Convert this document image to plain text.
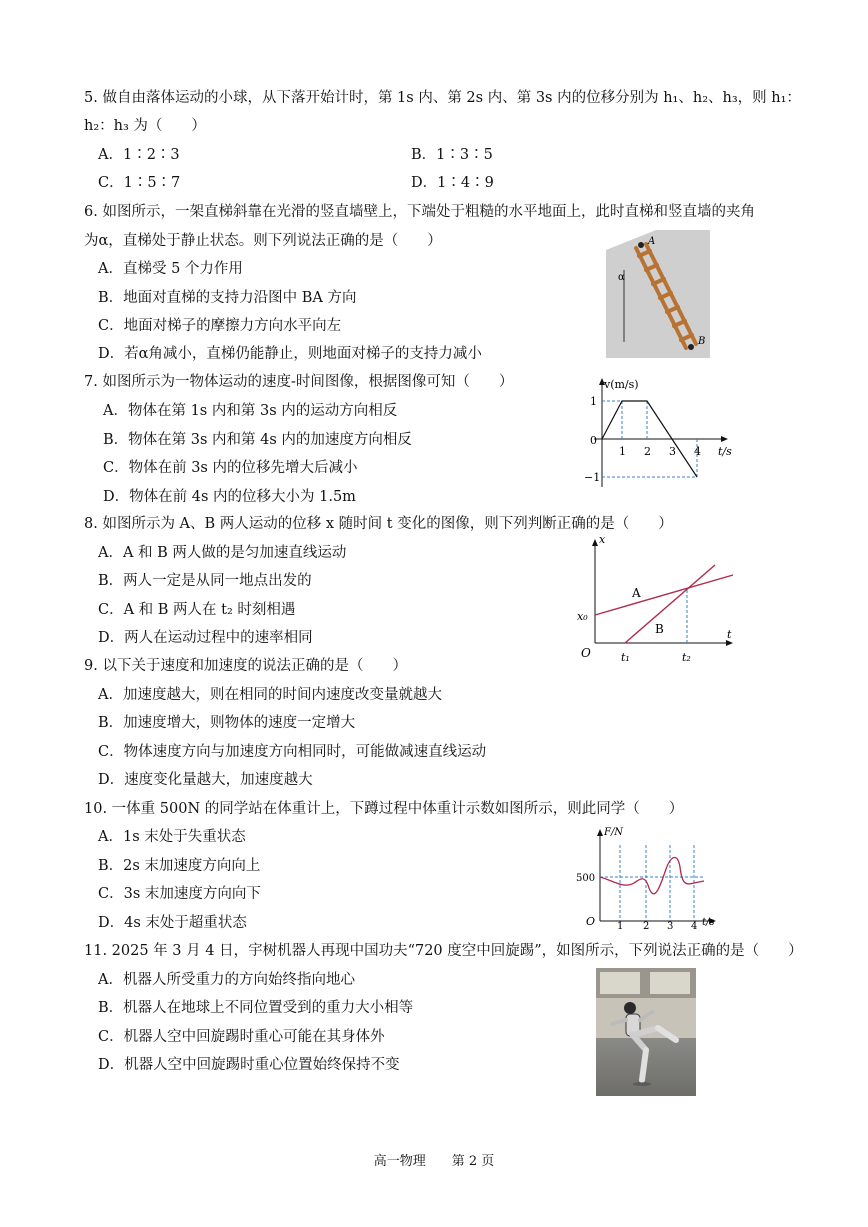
5. 做自由落体运动的小球，从下落开始计时，第 1s 内、第 2s 内、第 3s 内的位移分别为 h₁、h₂、h₃，则 h₁：
h₂：h₃ 为（　　）
A．1∶2∶3	B．1∶3∶5
C．1∶5∶7	D．1∶4∶9
6. 如图所示，一架直梯斜靠在光滑的竖直墙壁上，下端处于粗糙的水平地面上，此时直梯和竖直墙的夹角
为α，直梯处于静止状态。则下列说法正确的是（　　）
A．直梯受 5 个力作用
B．地面对直梯的支持力沿图中 BA 方向
C．地面对梯子的摩擦力方向水平向左
D．若α角减小，直梯仍能静止，则地面对梯子的支持力减小
A
B
α
7. 如图所示为一物体运动的速度-时间图像，根据图像可知（　　）
A．物体在第 1s 内和第 3s 内的运动方向相反
B．物体在第 3s 内和第 4s 内的加速度方向相反
C．物体在前 3s 内的位移先增大后减小
D．物体在前 4s 内的位移大小为 1.5m
v(m/s)
t/s
0
1
−1
1 2 3 4
8. 如图所示为 A、B 两人运动的位移 x 随时间 t 变化的图像，则下列判断正确的是（　　）
A．A 和 B 两人做的是匀加速直线运动
B．两人一定是从同一地点出发的
C．A 和 B 两人在 t₂ 时刻相遇
D．两人在运动过程中的速率相同
x
t
O
x₀
t₁	t₂
A
B
9. 以下关于速度和加速度的说法正确的是（　　）
A．加速度越大，则在相同的时间内速度改变量就越大
B．加速度增大，则物体的速度一定增大
C．物体速度方向与加速度方向相同时，可能做减速直线运动
D．速度变化量越大，加速度越大
10. 一体重 500N 的同学站在体重计上，下蹲过程中体重计示数如图所示，则此同学（　　）
A．1s 末处于失重状态
B．2s 末加速度方向向上
C．3s 末加速度方向向下
D．4s 末处于超重状态
F/N
t/s
O
500
1 2 3 4
11. 2025 年 3 月 4 日，宇树机器人再现中国功夫“720 度空中回旋踢”，如图所示，下列说法正确的是（　　）
A．机器人所受重力的方向始终指向地心
B．机器人在地球上不同位置受到的重力大小相等
C．机器人空中回旋踢时重心可能在其身体外
D．机器人空中回旋踢时重心位置始终保持不变
高一物理　　第 2 页
